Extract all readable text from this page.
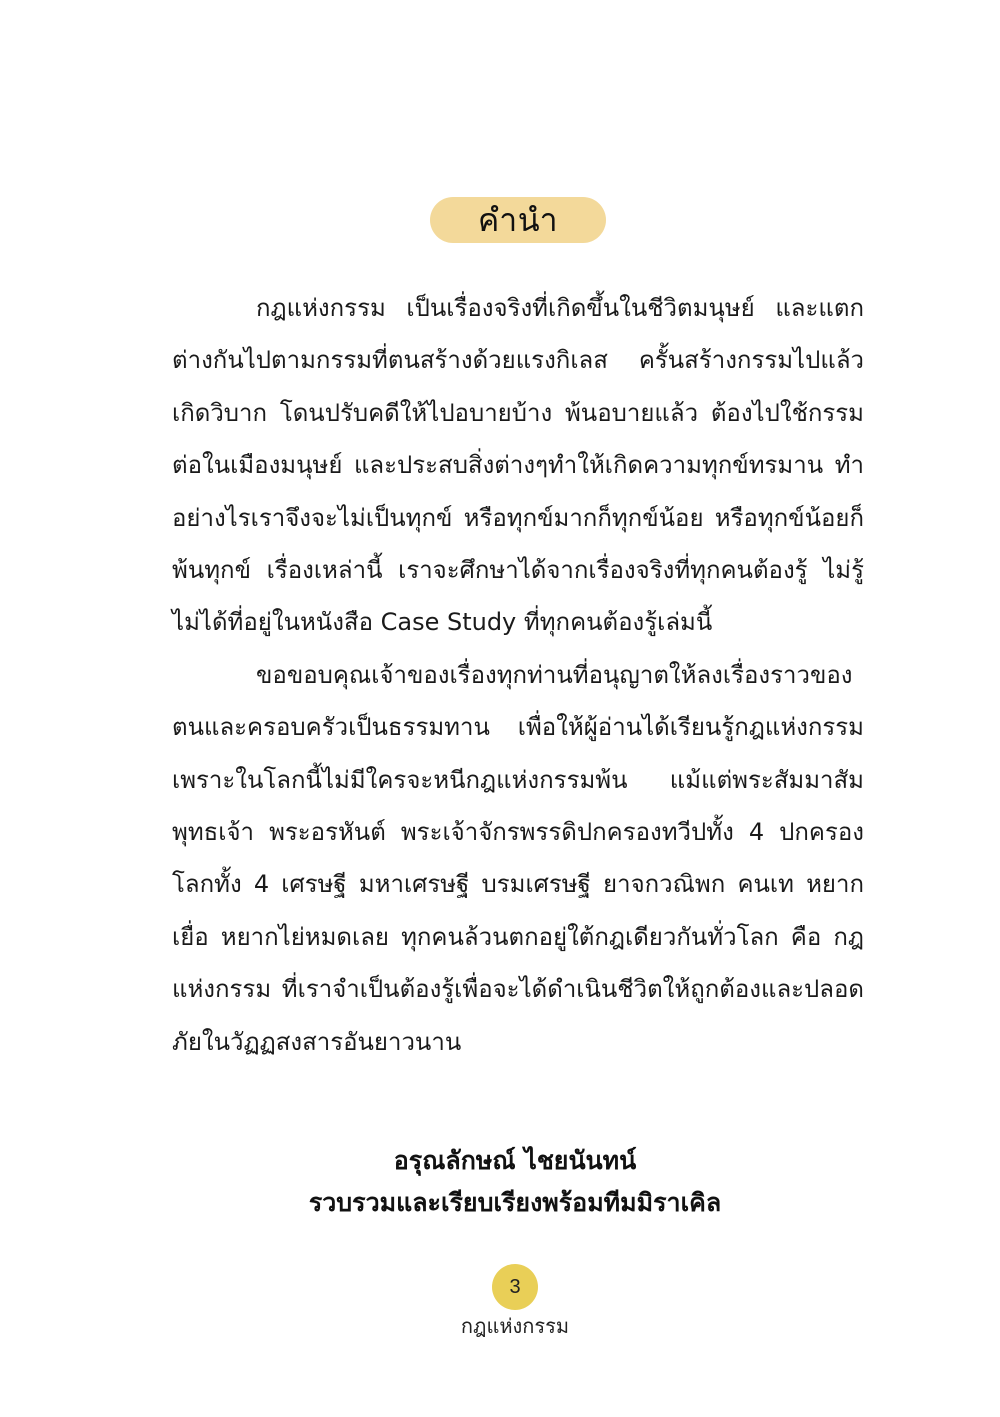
คำนำ

กฎแห่งกรรม เป็นเรื่องจริงที่เกิดขึ้นในชีวิตมนุษย์ และแตกต่างกันไปตามกรรมที่ตนสร้างด้วยแรงกิเลส ครั้นสร้างกรรมไปแล้วเกิดวิบาก โดนปรับคดีให้ไปอบายบ้าง พ้นอบายแล้ว ต้องไปใช้กรรมต่อในเมืองมนุษย์ และประสบสิ่งต่างๆทำให้เกิดความทุกข์ทรมาน ทำอย่างไรเราจึงจะไม่เป็นทุกข์ หรือทุกข์มากก็ทุกข์น้อย หรือทุกข์น้อยก็พ้นทุกข์ เรื่องเหล่านี้ เราจะศึกษาได้จากเรื่องจริงที่ทุกคนต้องรู้ ไม่รู้ไม่ได้ที่อยู่ในหนังสือ Case Study ที่ทุกคนต้องรู้เล่มนี้

ขอขอบคุณเจ้าของเรื่องทุกท่านที่อนุญาตให้ลงเรื่องราวของตนและครอบครัวเป็นธรรมทาน เพื่อให้ผู้อ่านได้เรียนรู้กฎแห่งกรรมเพราะในโลกนี้ไม่มีใครจะหนีกฎแห่งกรรมพ้น แม้แต่พระสัมมาสัมพุทธเจ้า พระอรหันต์ พระเจ้าจักรพรรดิปกครองทวีปทั้ง 4 ปกครองโลกทั้ง 4 เศรษฐี มหาเศรษฐี บรมเศรษฐี ยาจกวณิพก คนเท หยากเยื่อ หยากไย่หมดเลย ทุกคนล้วนตกอยู่ใต้กฎเดียวกันทั่วโลก คือ กฎแห่งกรรม ที่เราจำเป็นต้องรู้เพื่อจะได้ดำเนินชีวิตให้ถูกต้องและปลอดภัยในวัฏฏสงสารอันยาวนาน

อรุณลักษณ์ ไชยนันทน์
รวบรวมและเรียบเรียงพร้อมทีมมิราเคิล
3
กฎแห่งกรรม
